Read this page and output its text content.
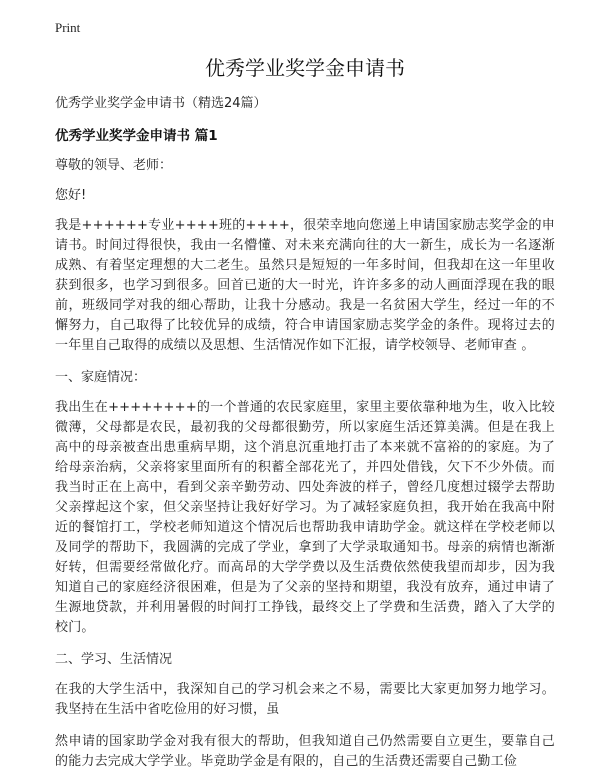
Print
优秀学业奖学金申请书

优秀学业奖学金申请书（精选24篇）

优秀学业奖学金申请书 篇1

尊敬的领导、老师：

您好!

我是++++++专业++++班的++++，很荣幸地向您递上申请国家励志奖学金的申请书。时间过得很快，我由一名懵懂、对未来充满向往的大一新生，成长为一名逐渐成熟、有着坚定理想的大二老生。虽然只是短短的一年多时间，但我却在这一年里收获到很多，也学习到很多。回首已逝的大一时光，许许多多的动人画面浮现在我的眼前，班级同学对我的细心帮助，让我十分感动。我是一名贫困大学生，经过一年的不懈努力，自己取得了比较优异的成绩，符合申请国家励志奖学金的条件。现将过去的一年里自己取得的成绩以及思想、生活情况作如下汇报，请学校领导、老师审查 。

一、家庭情况：

我出生在++++++++的一个普通的农民家庭里，家里主要依靠种地为生，收入比较微薄，父母都是农民，最初我的父母都很勤劳，所以家庭生活还算美满。但是在我上高中的母亲被查出患重病早期，这个消息沉重地打击了本来就不富裕的的家庭。为了给母亲治病，父亲将家里面所有的积蓄全部花光了，并四处借钱，欠下不少外债。而我当时正在上高中，看到父亲辛勤劳动、四处奔波的样子，曾经几度想过辍学去帮助父亲撑起这个家，但父亲坚持让我好好学习。为了减轻家庭负担，我开始在我高中附近的餐馆打工，学校老师知道这个情况后也帮助我申请助学金。就这样在学校老师以及同学的帮助下，我圆满的完成了学业，拿到了大学录取通知书。母亲的病情也渐渐好转，但需要经常做化疗。而高昂的大学学费以及生活费依然使我望而却步，因为我知道自己的家庭经济很困难，但是为了父亲的坚持和期望，我没有放弃，通过申请了生源地贷款，并利用暑假的时间打工挣钱，最终交上了学费和生活费，踏入了大学的校门。

二、学习、生活情况

在我的大学生活中，我深知自己的学习机会来之不易，需要比大家更加努力地学习。我坚持在生活中省吃俭用的好习惯，虽

然申请的国家助学金对我有很大的帮助，但我知道自己仍然需要自立更生，要靠自己的能力去完成大学学业。毕竟助学金是有限的，自己的生活费还需要自己勤工俭
